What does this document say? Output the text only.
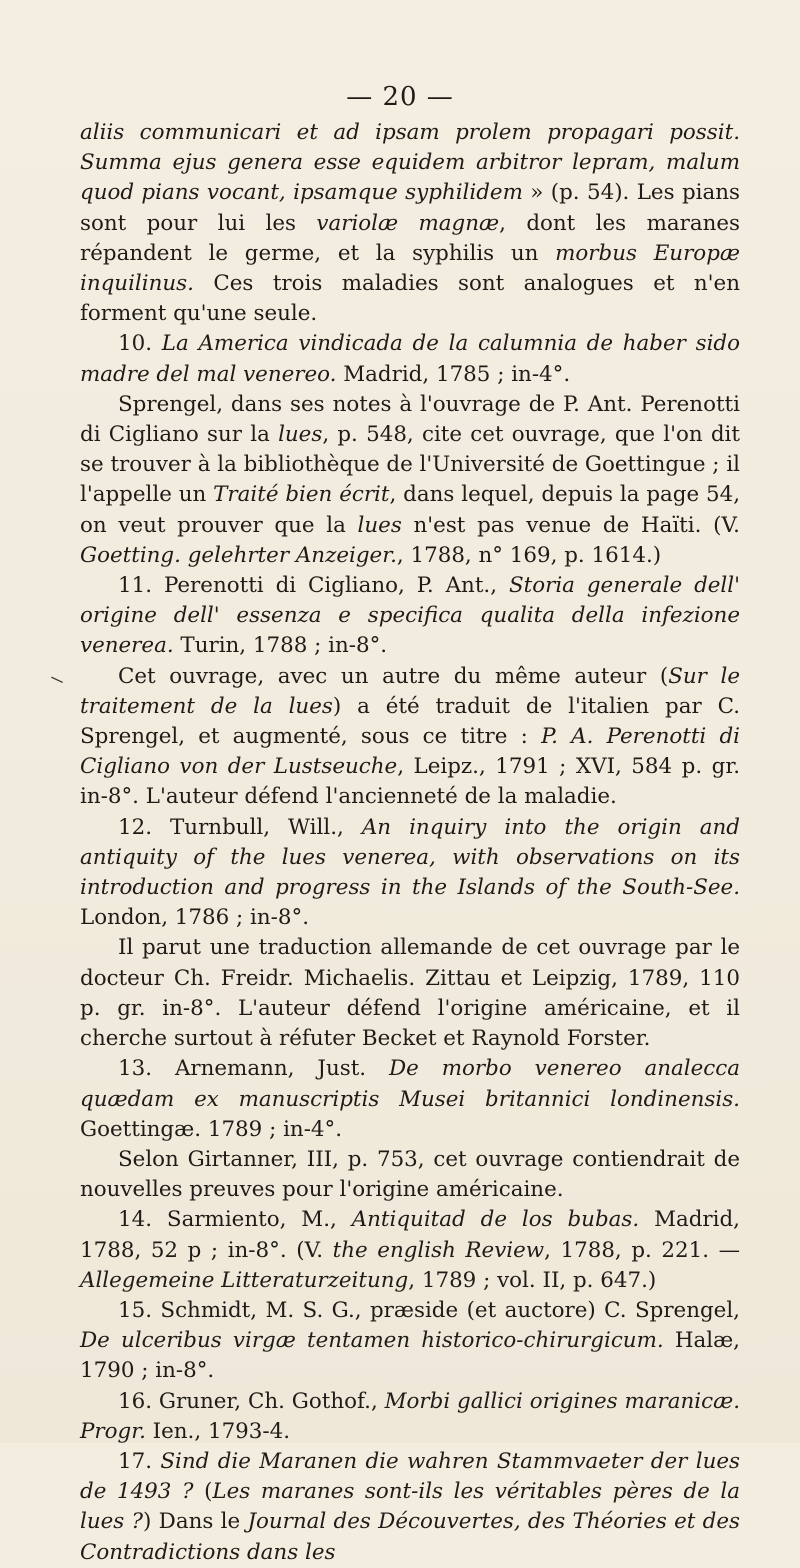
— 20 —
⸜

aliis communicari et ad ipsam prolem propagari possit. Summa ejus genera esse equidem arbitror lepram, malum quod pians vocant, ipsamque syphilidem » (p. 54). Les pians sont pour lui les variolæ magnæ, dont les maranes répandent le germe, et la syphilis un morbus Europæ inquilinus. Ces trois maladies sont analogues et n'en forment qu'une seule.

10. La America vindicada de la calumnia de haber sido madre del mal venereo. Madrid, 1785 ; in-4°.

Sprengel, dans ses notes à l'ouvrage de P. Ant. Perenotti di Cigliano sur la lues, p. 548, cite cet ouvrage, que l'on dit se trouver à la bibliothèque de l'Université de Goettingue ; il l'appelle un Traité bien écrit, dans lequel, depuis la page 54, on veut prouver que la lues n'est pas venue de Haïti. (V. Goetting. gelehrter Anzeiger., 1788, n° 169, p. 1614.)

11. Perenotti di Cigliano, P. Ant., Storia generale dell' origine dell' essenza e specifica qualita della infezione venerea. Turin, 1788 ; in-8°.

Cet ouvrage, avec un autre du même auteur (Sur le traitement de la lues) a été traduit de l'italien par C. Sprengel, et augmenté, sous ce titre : P. A. Perenotti di Cigliano von der Lustseuche, Leipz., 1791 ; XVI, 584 p. gr. in-8°. L'auteur défend l'ancienneté de la maladie.

12. Turnbull, Will., An inquiry into the origin and antiquity of the lues venerea, with observations on its introduction and progress in the Islands of the South-See. London, 1786 ; in-8°.

Il parut une traduction allemande de cet ouvrage par le docteur Ch. Freidr. Michaelis. Zittau et Leipzig, 1789, 110 p. gr. in-8°. L'auteur défend l'origine américaine, et il cherche surtout à réfuter Becket et Raynold Forster.

13. Arnemann, Just. De morbo venereo analecca quædam ex manuscriptis Musei britannici londinensis. Goettingæ. 1789 ; in-4°.

Selon Girtanner, III, p. 753, cet ouvrage contiendrait de nouvelles preuves pour l'origine américaine.

14. Sarmiento, M., Antiquitad de los bubas. Madrid, 1788, 52 p ; in-8°. (V. the english Review, 1788, p. 221. — Allegemeine Litteraturzeitung, 1789 ; vol. II, p. 647.)

15. Schmidt, M. S. G., præside (et auctore) C. Sprengel, De ulceribus virgæ tentamen historico-chirurgicum. Halæ, 1790 ; in-8°.

16. Gruner, Ch. Gothof., Morbi gallici origines maranicæ. Progr. Ien., 1793-4.

17. Sind die Maranen die wahren Stammvaeter der lues de 1493 ? (Les maranes sont-ils les véritables pères de la lues ?) Dans le Journal des Découvertes, des Théories et des Contradictions dans les
